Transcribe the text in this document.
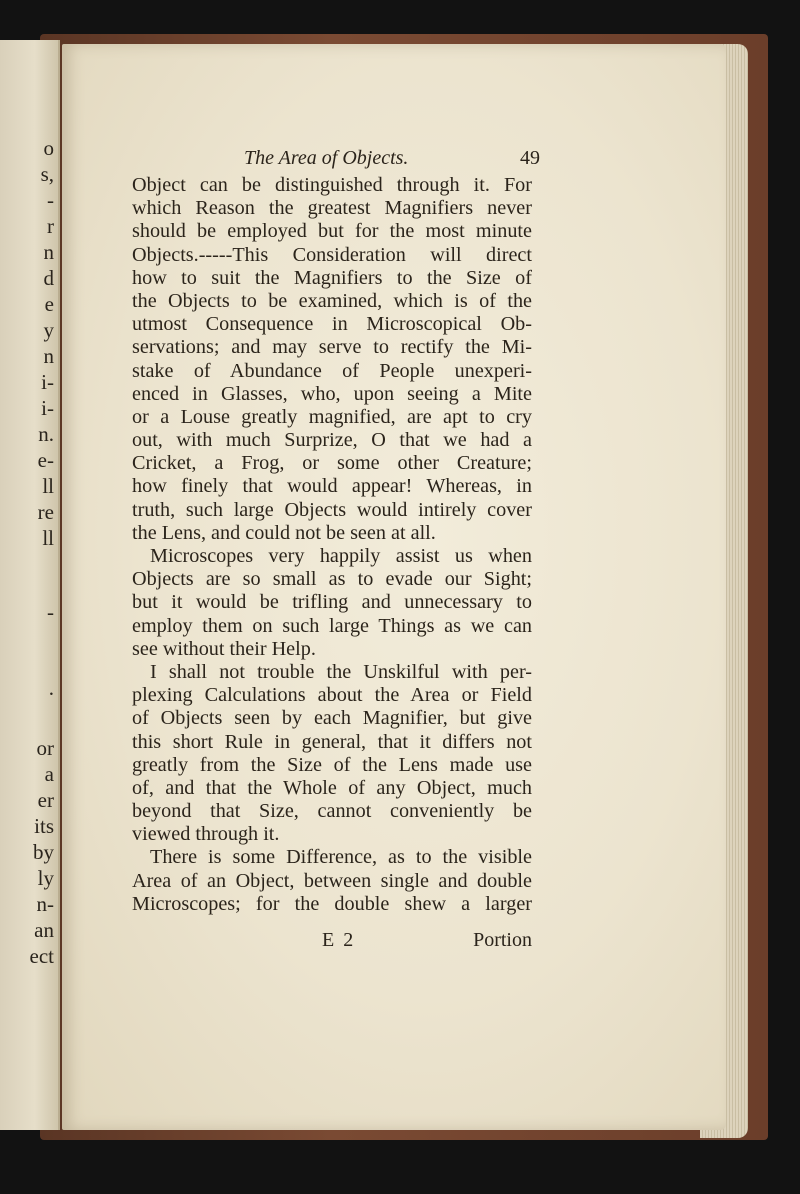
o
s,
-
r
n
d
e
y
n
i-
i-
n.
e-
ll
re
ll
-
.
or
a
er
its
by
ly
n-
an
ect
The Area of Objects.	49
Object can be distinguished through it. For
which Reason the greatest Magnifiers never
should be employed but for the most minute
Objects.-----This Consideration will direct
how to suit the Magnifiers to the Size of
the Objects to be examined, which is of the
utmost Consequence in Microscopical Ob-
servations; and may serve to rectify the Mi-
stake of Abundance of People unexperi-
enced in Glasses, who, upon seeing a Mite
or a Louse greatly magnified, are apt to cry
out, with much Surprize, O that we had a
Cricket, a Frog, or some other Creature;
how finely that would appear! Whereas, in
truth, such large Objects would intirely cover
the Lens, and could not be seen at all.
Microscopes very happily assist us when
Objects are so small as to evade our Sight;
but it would be trifling and unnecessary to
employ them on such large Things as we can
see without their Help.
I shall not trouble the Unskilful with per-
plexing Calculations about the Area or Field
of Objects seen by each Magnifier, but give
this short Rule in general, that it differs not
greatly from the Size of the Lens made use
of, and that the Whole of any Object, much
beyond that Size, cannot conveniently be
viewed through it.
There is some Difference, as to the visible
Area of an Object, between single and double
Microscopes; for the double shew a larger
E 2	Portion
